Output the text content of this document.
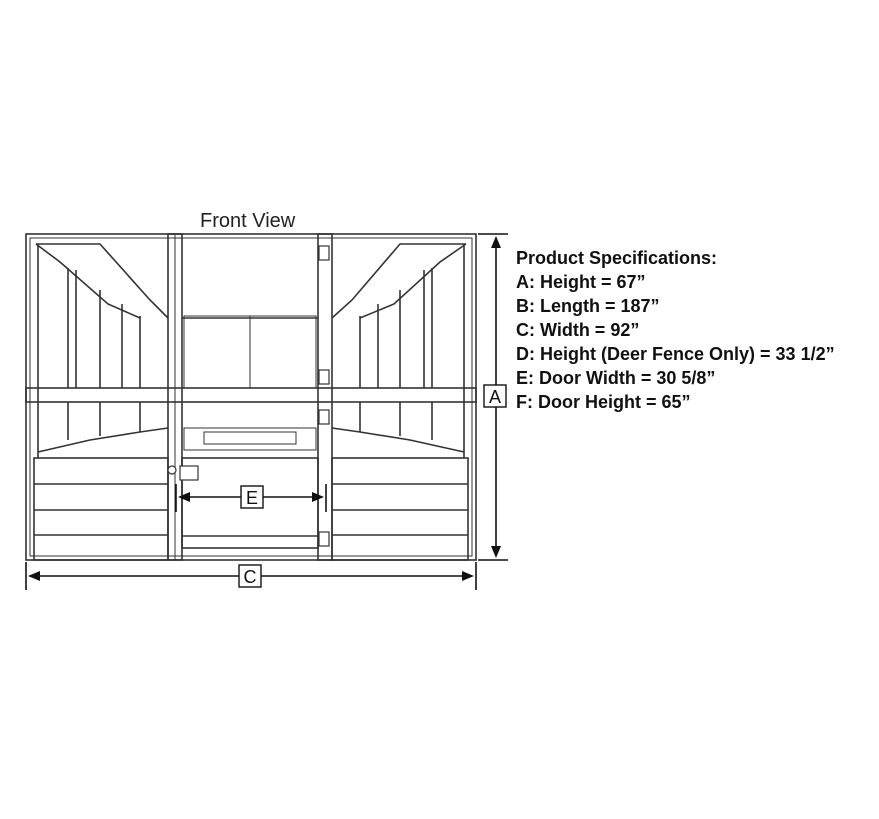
Front View
A
C
E
Product Specifications:
A: Height = 67”
B: Length = 187”
C: Width = 92”
D: Height (Deer Fence Only) = 33 1/2”
E: Door Width = 30 5/8”
F: Door Height = 65”
